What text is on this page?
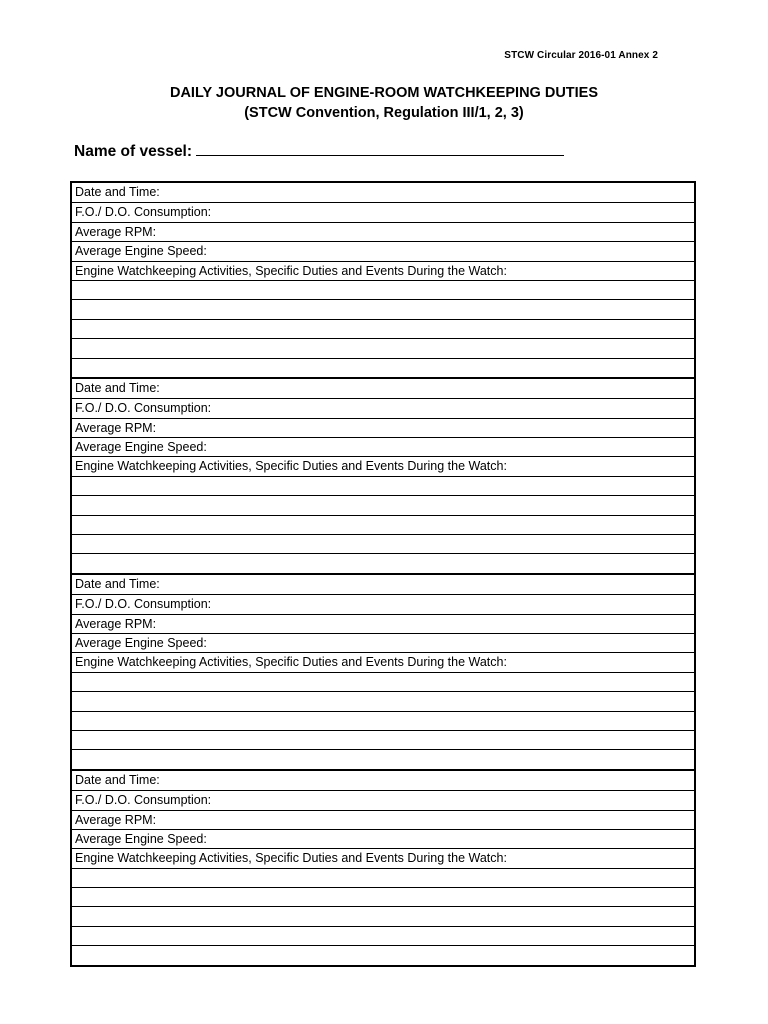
STCW Circular 2016-01 Annex 2
DAILY JOURNAL OF ENGINE-ROOM WATCHKEEPING DUTIES
(STCW Convention, Regulation III/1, 2, 3)
Name of vessel:
Date and Time:
F.O./ D.O. Consumption:
Average RPM:
Average Engine Speed:
Engine Watchkeeping Activities, Specific Duties and Events During the Watch:
Date and Time:
F.O./ D.O. Consumption:
Average RPM:
Average Engine Speed:
Engine Watchkeeping Activities, Specific Duties and Events During the Watch:
Date and Time:
F.O./ D.O. Consumption:
Average RPM:
Average Engine Speed:
Engine Watchkeeping Activities, Specific Duties and Events During the Watch:
Date and Time:
F.O./ D.O. Consumption:
Average RPM:
Average Engine Speed:
Engine Watchkeeping Activities, Specific Duties and Events During the Watch:
